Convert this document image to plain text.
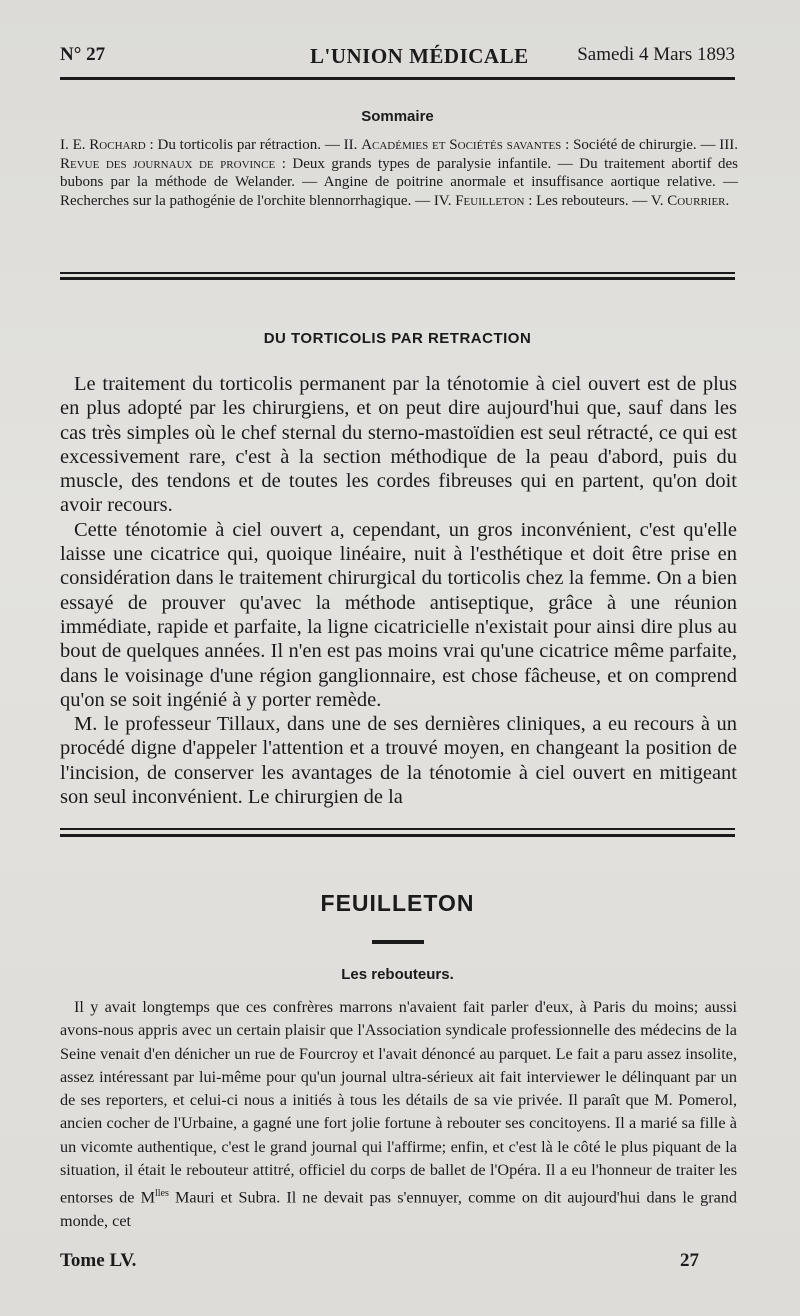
N° 27	L'UNION MÉDICALE	Samedi 4 Mars 1893
Sommaire
I. E. Rochard : Du torticolis par rétraction. — II. Académies et Sociétés savantes : Société de chirurgie. — III. Revue des journaux de province : Deux grands types de paralysie infantile. — Du traitement abortif des bubons par la méthode de Welander. — Angine de poitrine anormale et insuffisance aortique relative. — Recherches sur la pathogénie de l'orchite blennorrhagique. — IV. Feuilleton : Les rebouteurs. — V. Courrier.
DU TORTICOLIS PAR RETRACTION

Le traitement du torticolis permanent par la ténotomie à ciel ouvert est de plus en plus adopté par les chirurgiens, et on peut dire aujourd'hui que, sauf dans les cas très simples où le chef sternal du sterno-mastoïdien est seul rétracté, ce qui est excessivement rare, c'est à la section méthodique de la peau d'abord, puis du muscle, des tendons et de toutes les cordes fibreuses qui en partent, qu'on doit avoir recours.

Cette ténotomie à ciel ouvert a, cependant, un gros inconvénient, c'est qu'elle laisse une cicatrice qui, quoique linéaire, nuit à l'esthétique et doit être prise en considération dans le traitement chirurgical du torticolis chez la femme. On a bien essayé de prouver qu'avec la méthode antiseptique, grâce à une réunion immédiate, rapide et parfaite, la ligne cicatricielle n'existait pour ainsi dire plus au bout de quelques années. Il n'en est pas moins vrai qu'une cicatrice même parfaite, dans le voisinage d'une région ganglionnaire, est chose fâcheuse, et on comprend qu'on se soit ingénié à y porter remède.

M. le professeur Tillaux, dans une de ses dernières cliniques, a eu recours à un procédé digne d'appeler l'attention et a trouvé moyen, en changeant la position de l'incision, de conserver les avantages de la ténotomie à ciel ouvert en mitigeant son seul inconvénient. Le chirurgien de la

FEUILLETON
Les rebouteurs.

Il y avait longtemps que ces confrères marrons n'avaient fait parler d'eux, à Paris du moins; aussi avons-nous appris avec un certain plaisir que l'Association syndicale professionnelle des médecins de la Seine venait d'en dénicher un rue de Fourcroy et l'avait dénoncé au parquet. Le fait a paru assez insolite, assez intéressant par lui-même pour qu'un journal ultra-sérieux ait fait interviewer le délinquant par un de ses reporters, et celui-ci nous a initiés à tous les détails de sa vie privée. Il paraît que M. Pomerol, ancien cocher de l'Urbaine, a gagné une fort jolie fortune à rebouter ses concitoyens. Il a marié sa fille à un vicomte authentique, c'est le grand journal qui l'affirme; enfin, et c'est là le côté le plus piquant de la situation, il était le rebouteur attitré, officiel du corps de ballet de l'Opéra. Il a eu l'honneur de traiter les entorses de $M^{lles}$ Mauri et Subra. Il ne devait pas s'ennuyer, comme on dit aujourd'hui dans le grand monde, cet

Tome LV.	27
